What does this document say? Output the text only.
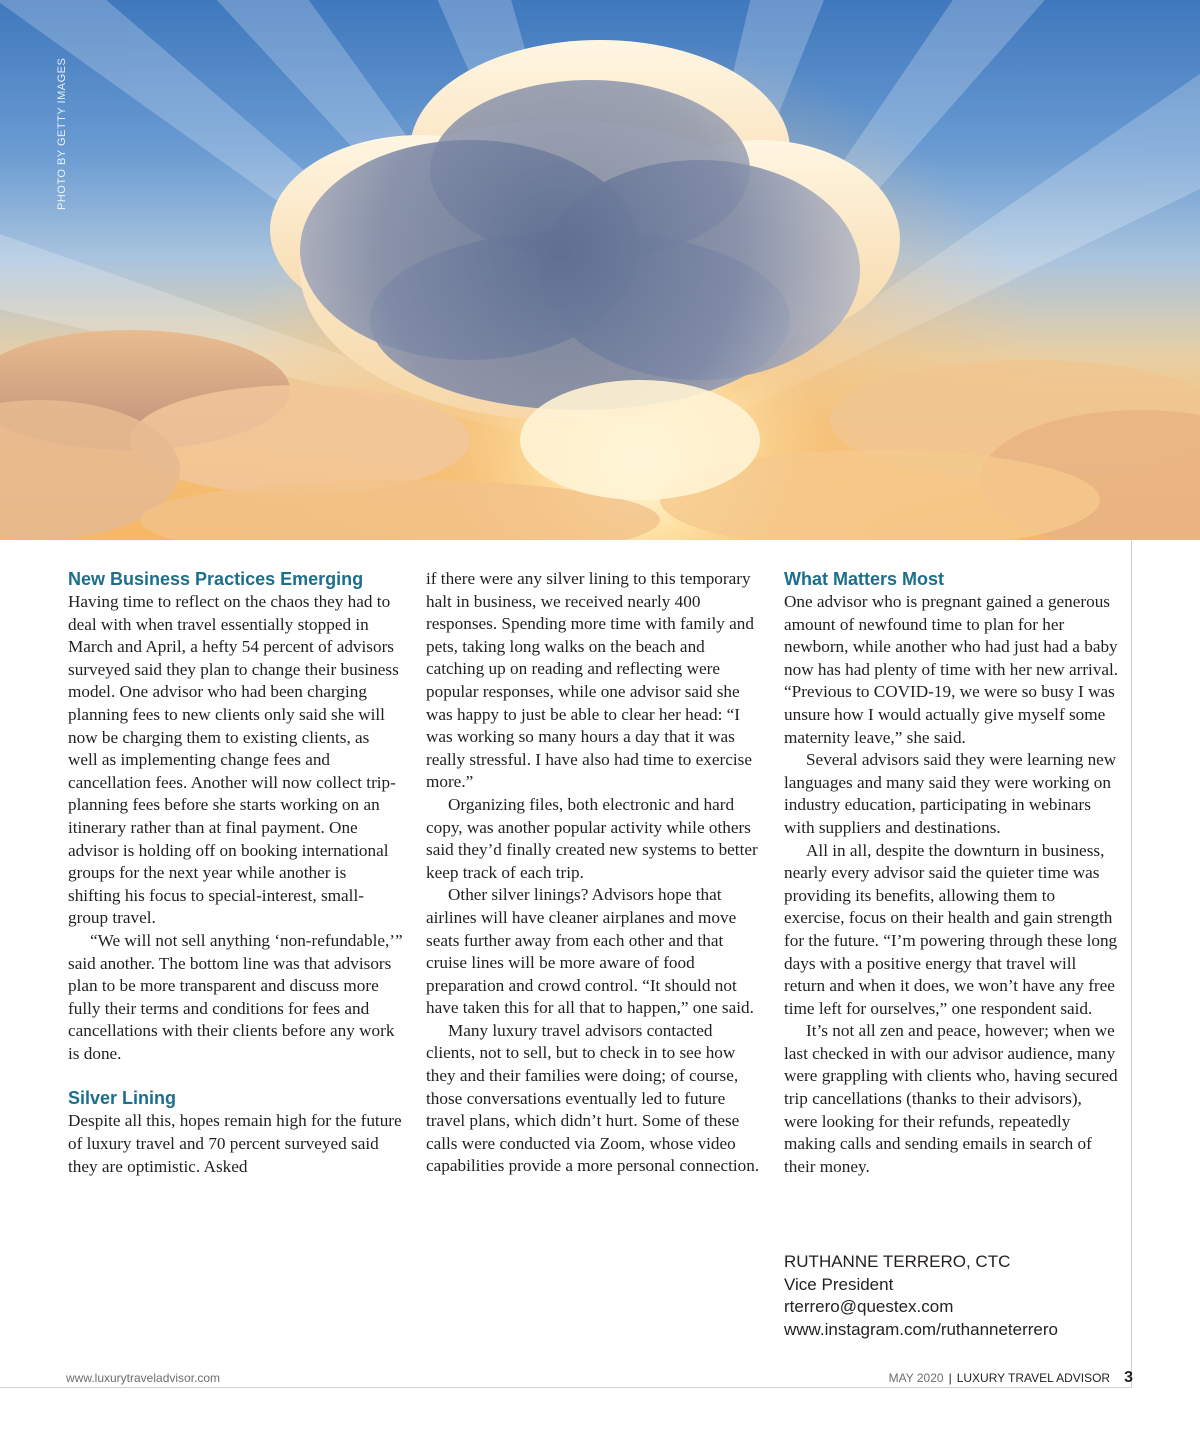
PHOTO BY GETTY IMAGES
New Business Practices Emerging

Having time to reflect on the chaos they had to deal with when travel essentially stopped in March and April, a hefty 54 percent of advisors surveyed said they plan to change their business model. One advisor who had been charging planning fees to new clients only said she will now be charging them to existing clients, as well as implementing change fees and cancellation fees. Another will now collect trip-planning fees before she starts working on an itinerary rather than at final payment. One advisor is holding off on booking international groups for the next year while another is shifting his focus to special-interest, small-group travel.

“We will not sell anything ‘non-refundable,’” said another. The bottom line was that advisors plan to be more transparent and discuss more fully their terms and conditions for fees and cancellations with their clients before any work is done.

Silver Lining

Despite all this, hopes remain high for the future of luxury travel and 70 percent surveyed said they are optimistic. Asked

if there were any silver lining to this temporary halt in business, we received nearly 400 responses. Spending more time with family and pets, taking long walks on the beach and catching up on reading and reflecting were popular responses, while one advisor said she was happy to just be able to clear her head: “I was working so many hours a day that it was really stressful. I have also had time to exercise more.”

Organizing files, both electronic and hard copy, was another popular activity while others said they’d finally created new systems to better keep track of each trip.

Other silver linings? Advisors hope that airlines will have cleaner airplanes and move seats further away from each other and that cruise lines will be more aware of food preparation and crowd control. “It should not have taken this for all that to happen,” one said.

Many luxury travel advisors contacted clients, not to sell, but to check in to see how they and their families were doing; of course, those conversations eventually led to future travel plans, which didn’t hurt. Some of these calls were conducted via Zoom, whose video capabilities provide a more personal connection.

What Matters Most

One advisor who is pregnant gained a generous amount of newfound time to plan for her newborn, while another who had just had a baby now has had plenty of time with her new arrival. “Previous to COVID-19, we were so busy I was unsure how I would actually give myself some maternity leave,” she said.

Several advisors said they were learning new languages and many said they were working on industry education, participating in webinars with suppliers and destinations.

All in all, despite the downturn in business, nearly every advisor said the quieter time was providing its benefits, allowing them to exercise, focus on their health and gain strength for the future. “I’m powering through these long days with a positive energy that travel will return and when it does, we won’t have any free time left for ourselves,” one respondent said.

It’s not all zen and peace, however; when we last checked in with our advisor audience, many were grappling with clients who, having secured trip cancellations (thanks to their advisors), were looking for their refunds, repeatedly making calls and sending emails in search of their money.

RUTHANNE TERRERO, CTC
Vice President
rterrero@questex.com
www.instagram.com/ruthanneterrero
www.luxurytraveladvisor.com	MAY 2020 | LUXURY TRAVEL ADVISOR 3
